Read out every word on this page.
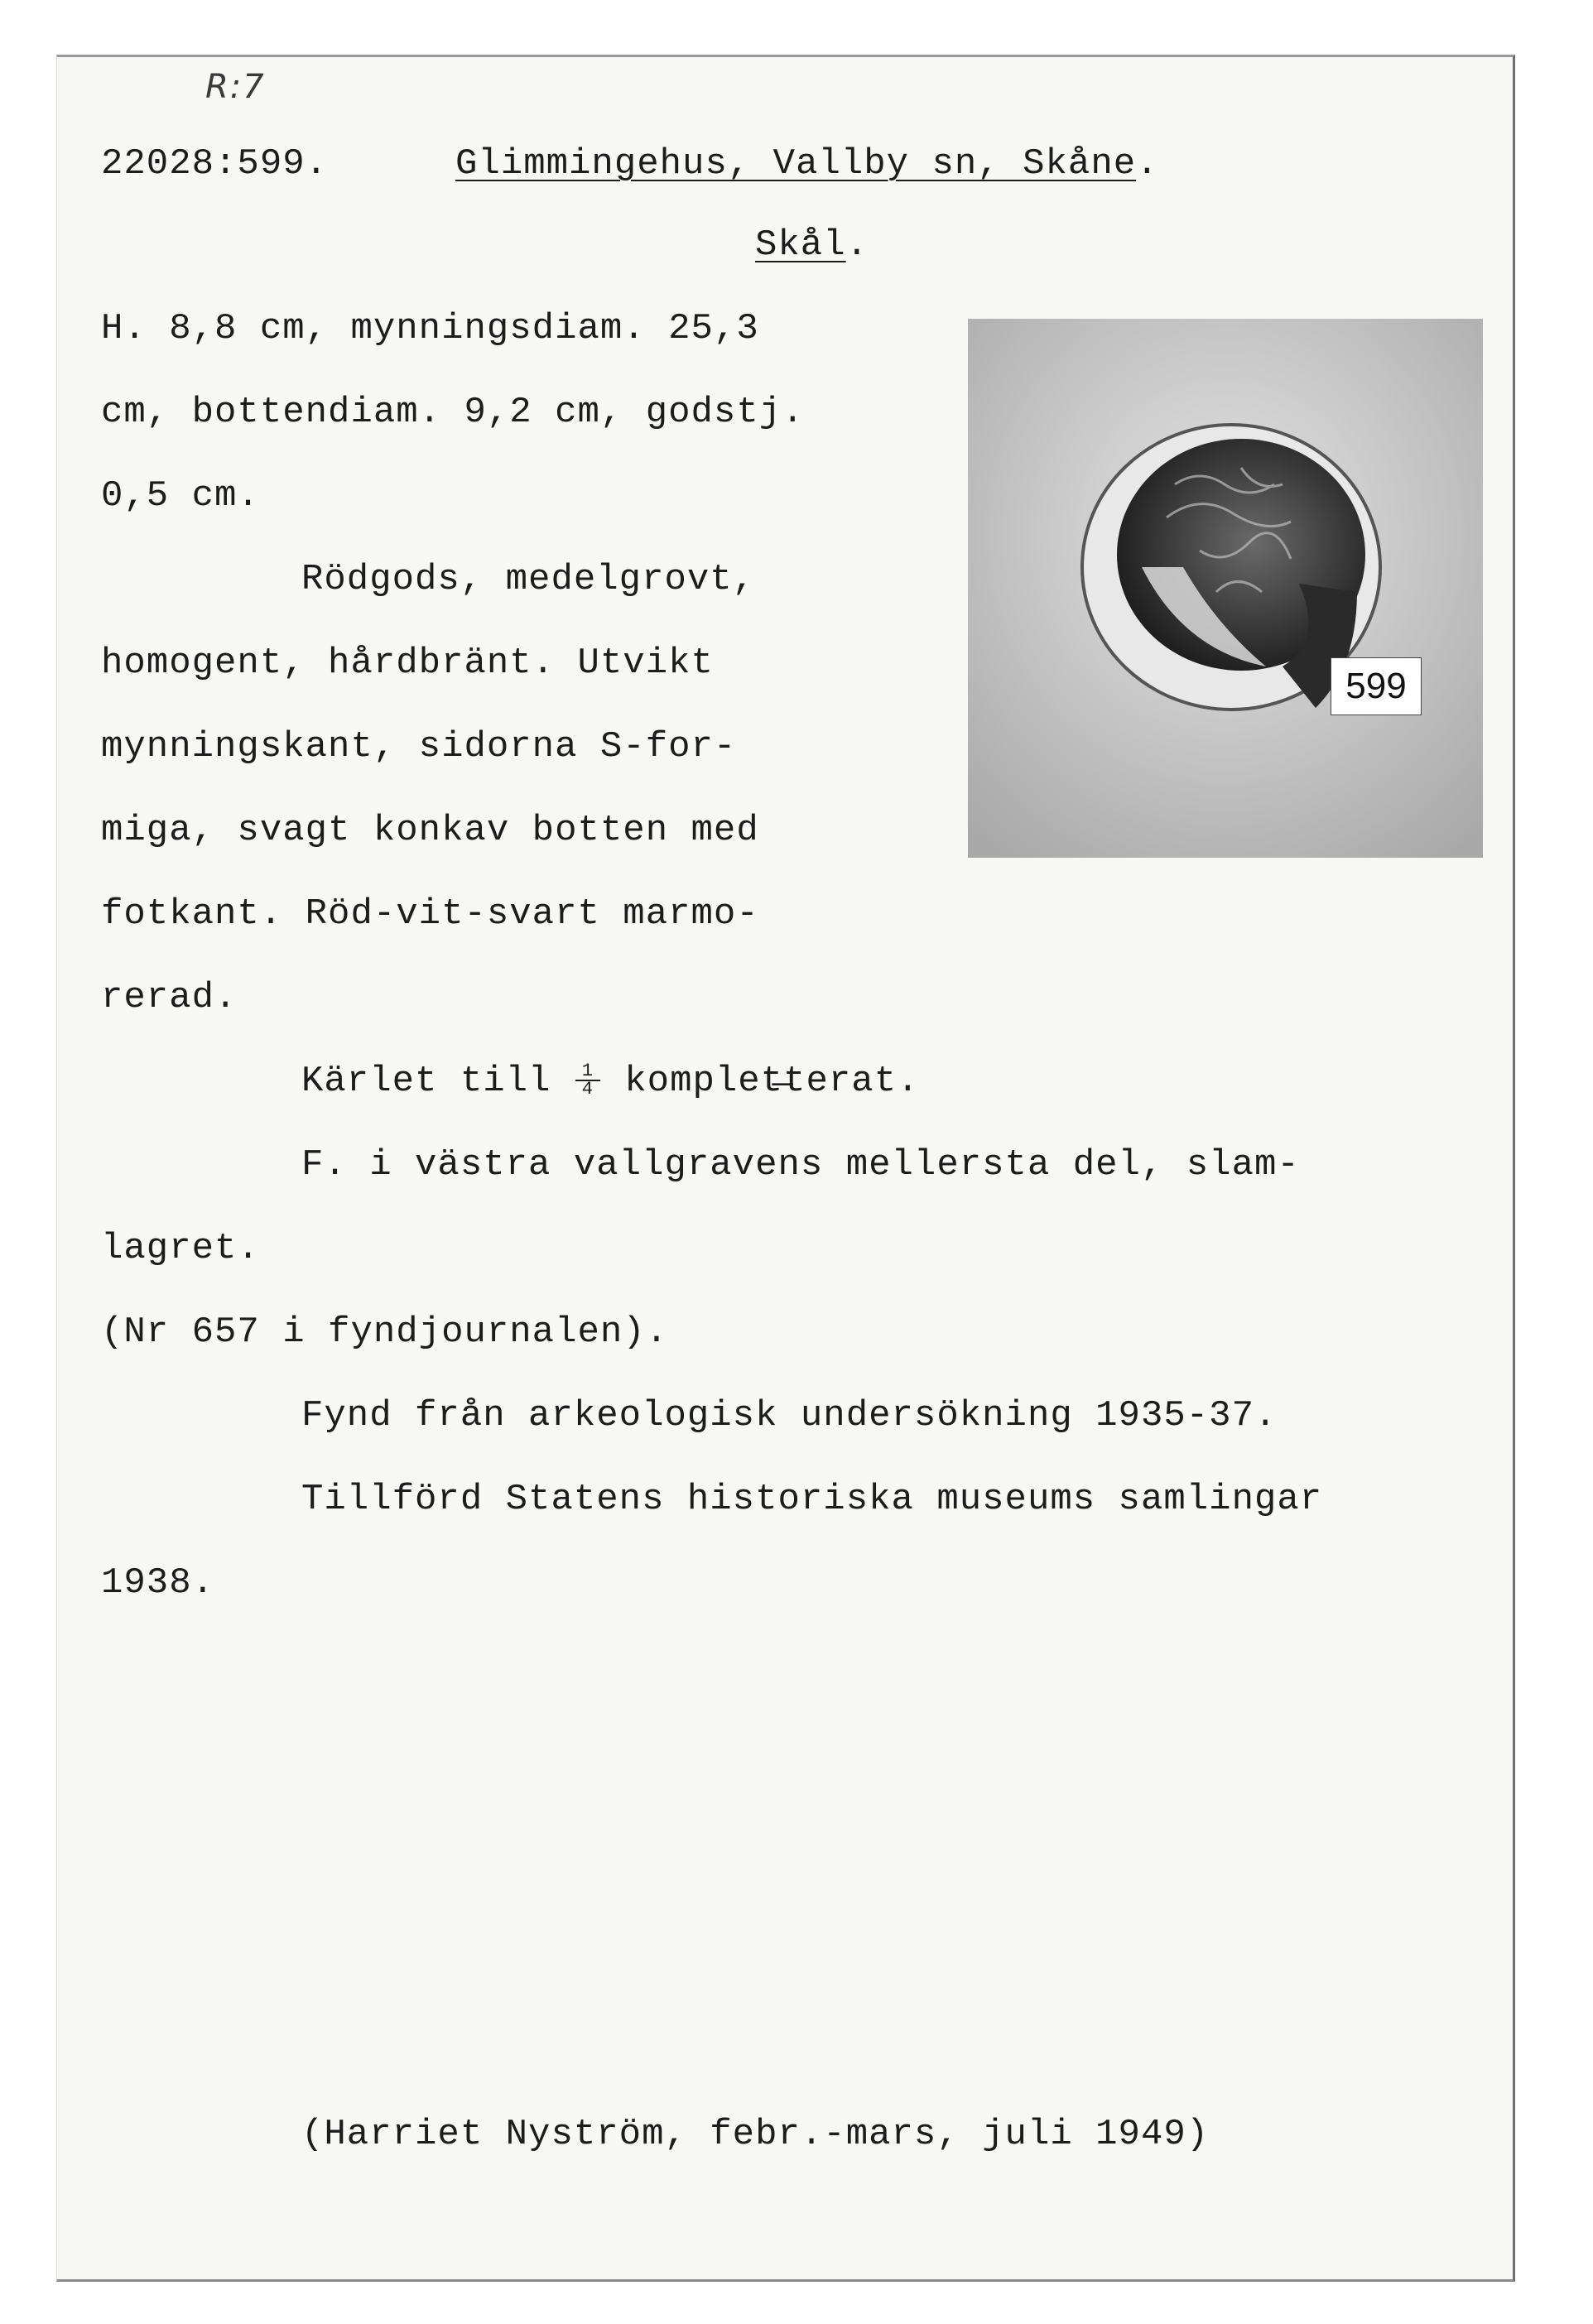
R:7
22028:599.	Glimmingehus, Vallby sn, Skåne.
Skål.
H. 8,8 cm, mynningsdiam. 25,3
cm, bottendiam. 9,2 cm, godstj.
0,5 cm.
Rödgods, medelgrovt,
homogent, hårdbränt. Utvikt
mynningskant, sidorna S-for-
miga, svagt konkav botten med
fotkant. Röd-vit-svart marmo-
rerad.
Kärlet till $\frac{1}{4}$ komplet̶terat.
F. i västra vallgravens mellersta del, slam-
lagret.
(Nr 657 i fyndjournalen).
Fynd från arkeologisk undersökning 1935-37.
Tillförd Statens historiska museums samlingar
1938.
(Harriet Nyström, febr.-mars, juli 1949)
599
